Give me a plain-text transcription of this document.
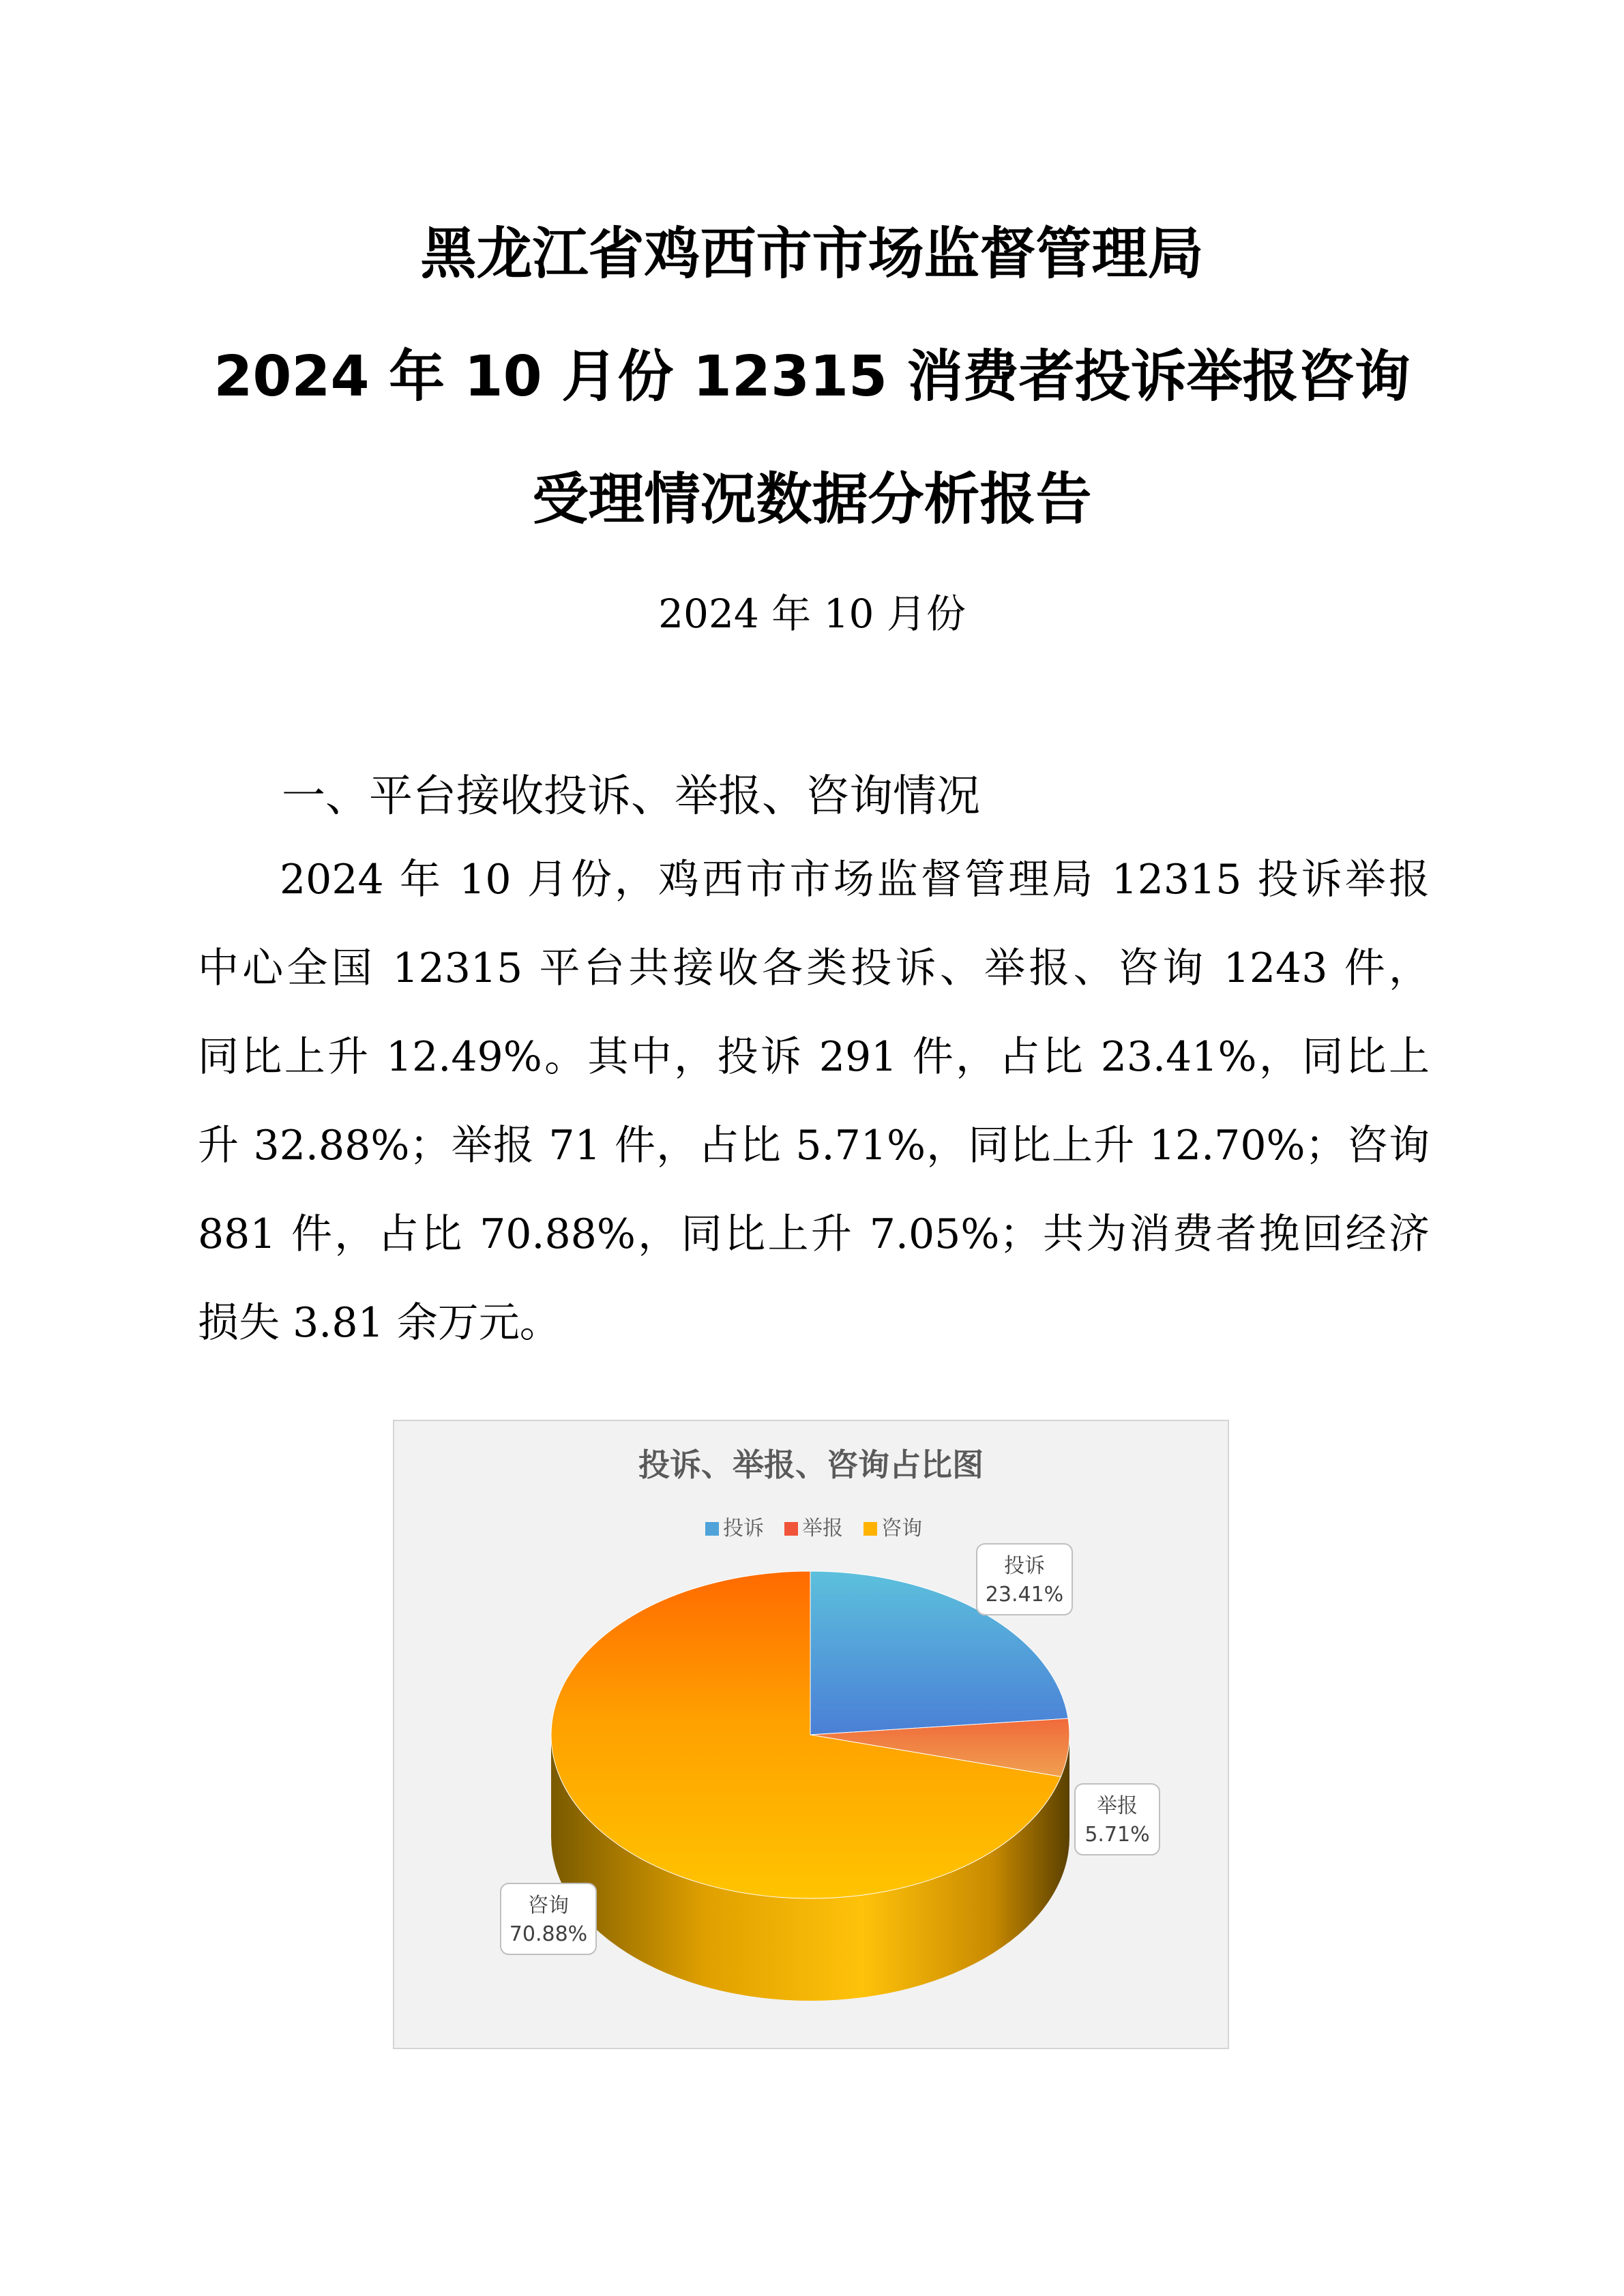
黑龙江省鸡西市市场监督管理局
2024 年 10 月份 12315 消费者投诉举报咨询
受理情况数据分析报告
2024 年 10 月份
一、平台接收投诉、举报、咨询情况
2024 年 10 月份，鸡西市市场监督管理局 12315 投诉举报
中心全国 12315 平台共接收各类投诉、举报、咨询 1243 件，
同比上升 12.49%。其中，投诉 291 件，占比 23.41%，同比上
升 32.88%；举报 71 件，占比 5.71%，同比上升 12.70%；咨询
881 件，占比 70.88%，同比上升 7.05%；共为消费者挽回经济
损失 3.81 余万元。
投诉、举报、咨询占比图
投诉 举报 咨询
投诉
23.41%
举报
5.71%
咨询
70.88%
